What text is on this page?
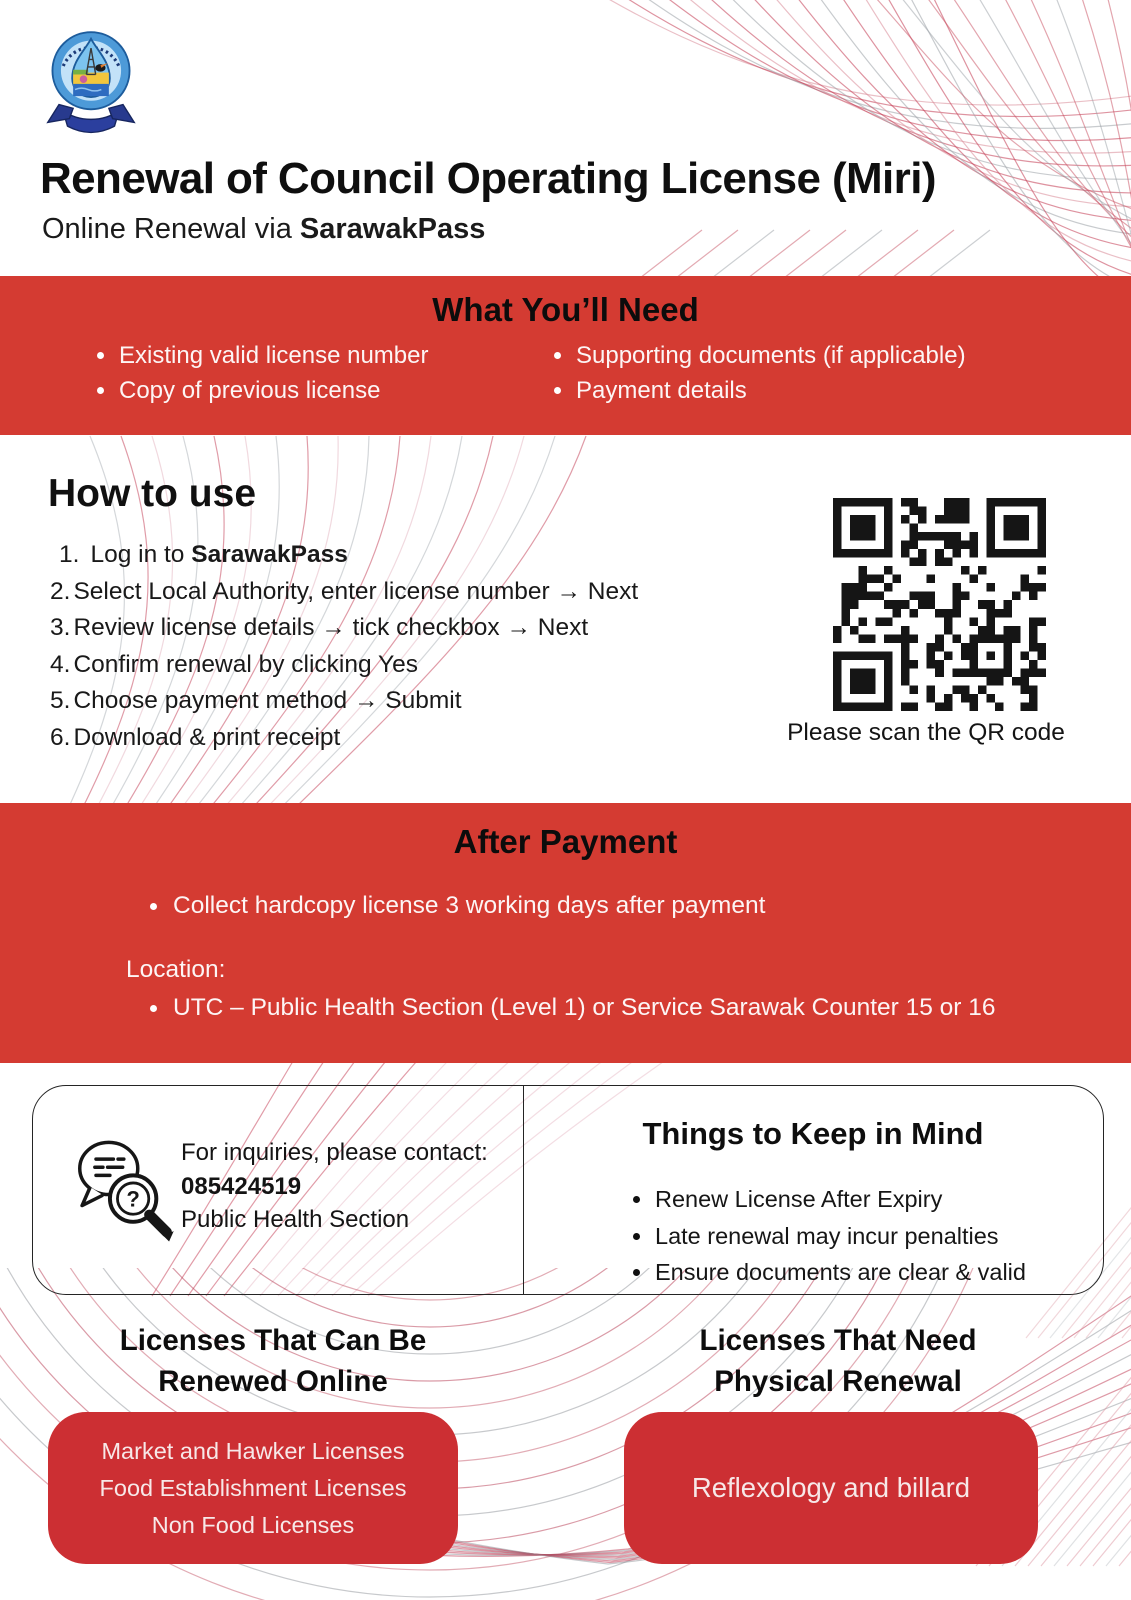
Renewal of Council Operating License (Miri)

Online Renewal via SarawakPass

What You’ll Need
Existing valid license number
Copy of previous license
Supporting documents (if applicable)
Payment details
How to use
1. Log in to SarawakPass
2. Select Local Authority, enter license number → Next
3. Review license details → tick checkbox → Next
4. Confirm renewal by clicking Yes
5. Choose payment method → Submit
6. Download & print receipt	Please scan the QR code
After Payment
Collect hardcopy license 3 working days after payment
Location:
UTC – Public Health Section (Level 1) or Service Sarawak Counter 15 or 16
?
For inquiries, please contact:
085424519
Public Health Section
Things to Keep in Mind
Renew License After Expiry
Late renewal may incur penalties
Ensure documents are clear & valid
Licenses That Can Be
Renewed Online
Licenses That Need
Physical Renewal
Market and Hawker Licenses
Food Establishment Licenses
Non Food Licenses
Reflexology and billard
